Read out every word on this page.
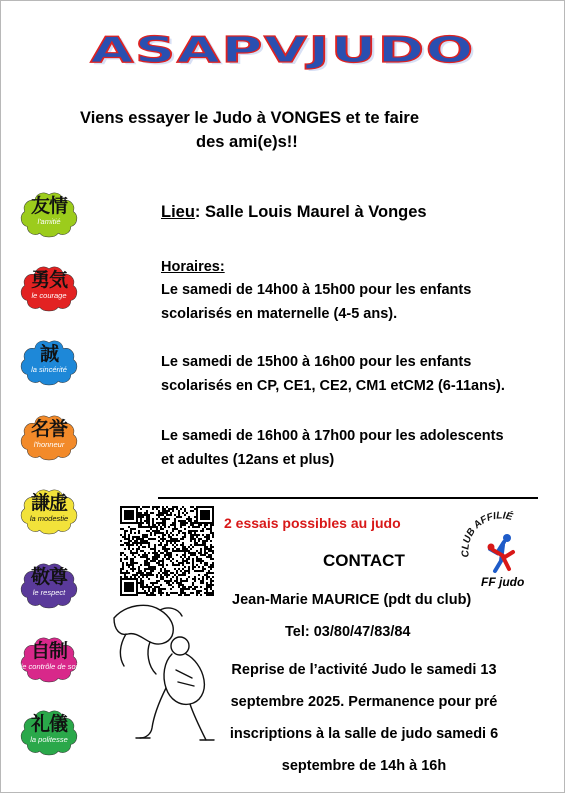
ASAPVJUDO
Viens essayer le Judo à VONGES et te faire
des ami(e)s!!
Lieu: Salle Louis Maurel à Vonges
Horaires:
Le samedi de 14h00 à 15h00 pour les enfants
scolarisés en maternelle (4-5 ans).
Le samedi de 15h00 à 16h00 pour les enfants
scolarisés en CP, CE1, CE2, CM1 etCM2 (6-11ans).
Le samedi de 16h00 à 17h00 pour les adolescents
et adultes (12ans et plus)
友情
l'amitié
勇気
le courage
誠
la sincérité
名誉
l'honneur
謙虚
la modestie
敬尊
le respect
自制
le contrôle de soi
礼儀
la politesse
2 essais possibles au judo
CONTACT	CLUB AFFILIÉ
FF judo
Jean-Marie MAURICE (pdt du club)
Tel: 03/80/47/83/84
Reprise de l’activité Judo le samedi 13
septembre 2025. Permanence pour pré
inscriptions à la salle de judo samedi 6
septembre de 14h à 16h
